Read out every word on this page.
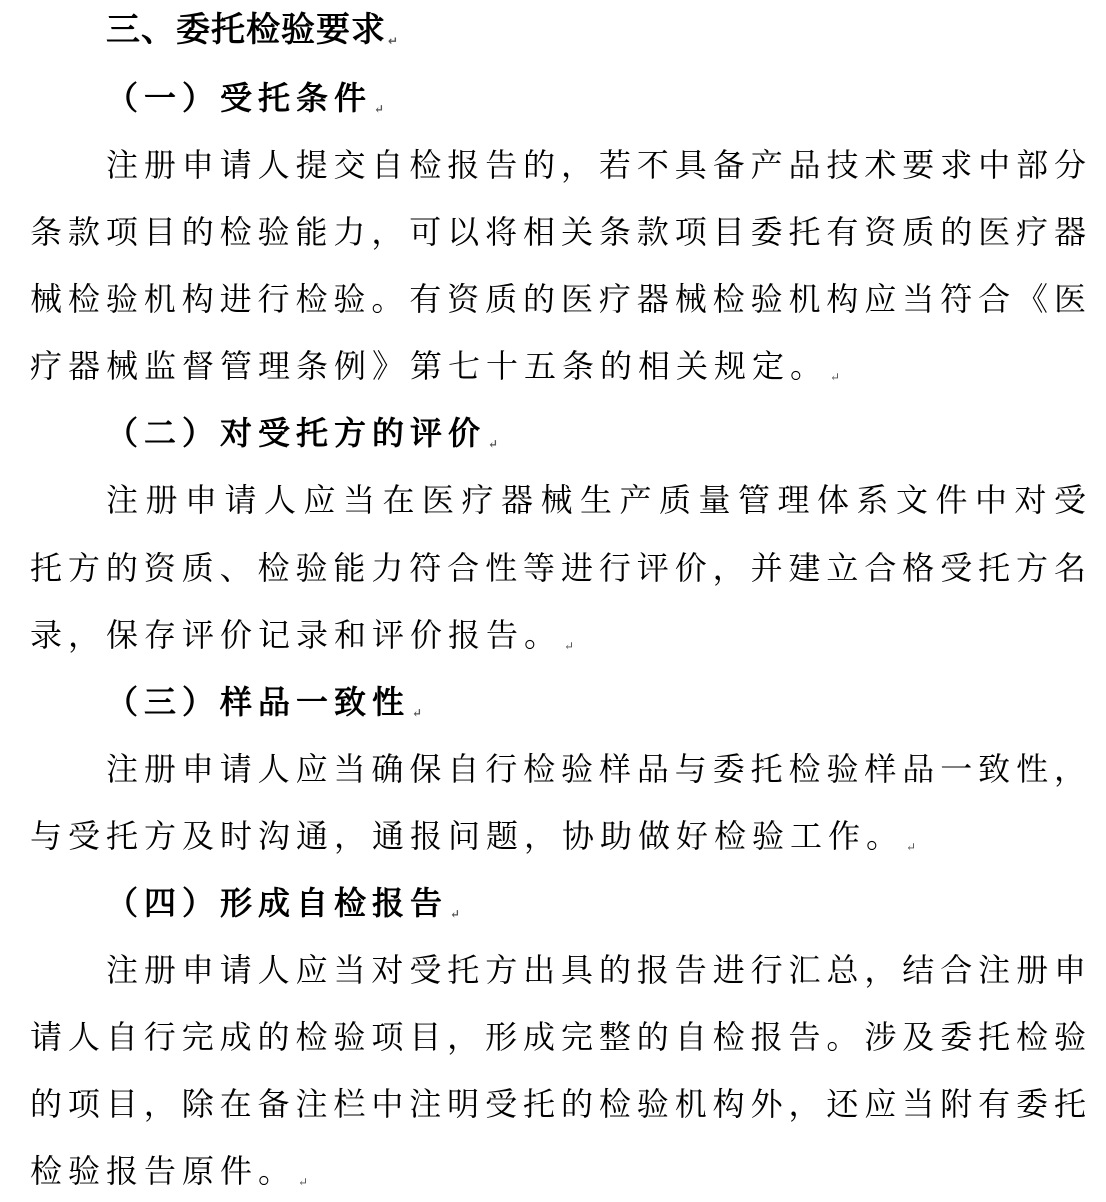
三、委托检验要求 ↵
（一）受托条件 ↵
注册申请人提交自检报告的，若不具备产品技术要求中部分
条款项目的检验能力，可以将相关条款项目委托有资质的医疗器
械检验机构进行检验。有资质的医疗器械检验机构应当符合《医
疗器械监督管理条例》第七十五条的相关规定。 ↵
（二）对受托方的评价 ↵
注册申请人应当在医疗器械生产质量管理体系文件中对受
托方的资质、检验能力符合性等进行评价，并建立合格受托方名
录，保存评价记录和评价报告。 ↵
（三）样品一致性 ↵
注册申请人应当确保自行检验样品与委托检验样品一致性，
与受托方及时沟通，通报问题，协助做好检验工作。 ↵
（四）形成自检报告 ↵
注册申请人应当对受托方出具的报告进行汇总，结合注册申
请人自行完成的检验项目，形成完整的自检报告。涉及委托检验
的项目，除在备注栏中注明受托的检验机构外，还应当附有委托
检验报告原件。 ↵
